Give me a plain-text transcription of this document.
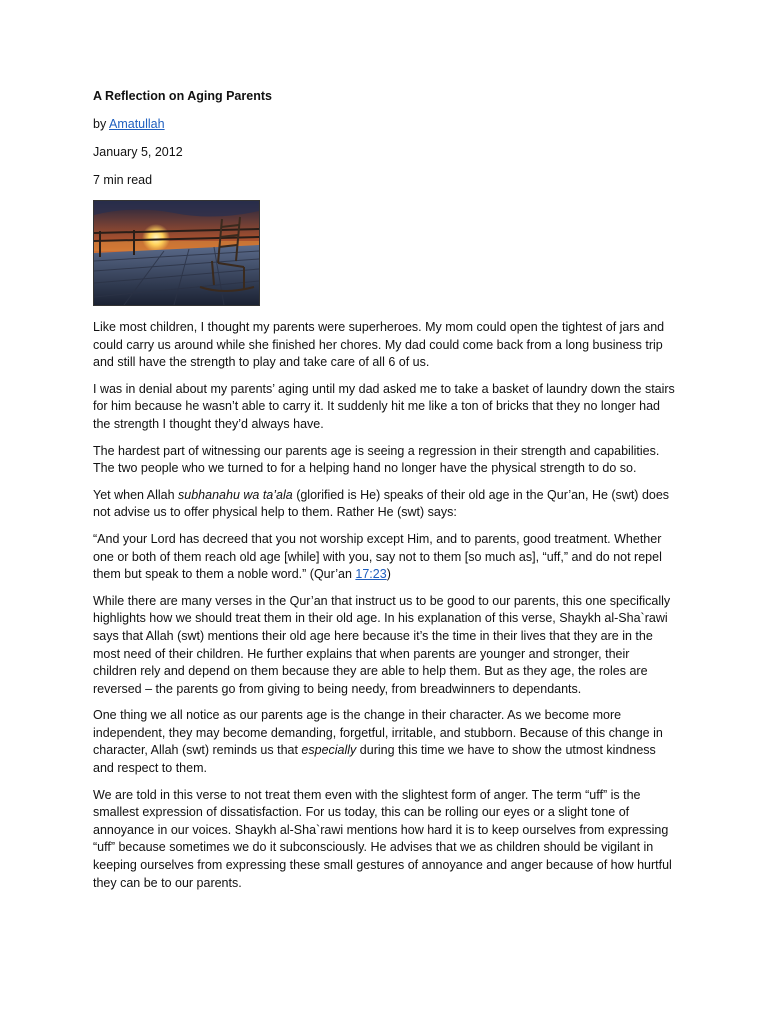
A Reflection on Aging Parents
by Amatullah
January 5, 2012
7 min read

Like most children, I thought my parents were superheroes. My mom could open the tightest of jars and could carry us around while she finished her chores. My dad could come back from a long business trip and still have the strength to play and take care of all 6 of us.

I was in denial about my parents’ aging until my dad asked me to take a basket of laundry down the stairs for him because he wasn’t able to carry it. It suddenly hit me like a ton of bricks that they no longer had the strength I thought they’d always have.

The hardest part of witnessing our parents age is seeing a regression in their strength and capabilities. The two people who we turned to for a helping hand no longer have the physical strength to do so.

Yet when Allah subhanahu wa ta’ala (glorified is He) speaks of their old age in the Qur’an, He (swt) does not advise us to offer physical help to them. Rather He (swt) says:

“And your Lord has decreed that you not worship except Him, and to parents, good treatment. Whether one or both of them reach old age [while] with you, say not to them [so much as], “uff,” and do not repel them but speak to them a noble word.” (Qur’an 17:23)

While there are many verses in the Qur’an that instruct us to be good to our parents, this one specifically highlights how we should treat them in their old age. In his explanation of this verse, Shaykh al-Sha`rawi says that Allah (swt) mentions their old age here because it’s the time in their lives that they are in the most need of their children. He further explains that when parents are younger and stronger, their children rely and depend on them because they are able to help them. But as they age, the roles are reversed – the parents go from giving to being needy, from breadwinners to dependants.

One thing we all notice as our parents age is the change in their character. As we become more independent, they may become demanding, forgetful, irritable, and stubborn. Because of this change in character, Allah (swt) reminds us that especially during this time we have to show the utmost kindness and respect to them.

We are told in this verse to not treat them even with the slightest form of anger. The term “uff” is the smallest expression of dissatisfaction. For us today, this can be rolling our eyes or a slight tone of annoyance in our voices. Shaykh al-Sha`rawi mentions how hard it is to keep ourselves from expressing “uff” because sometimes we do it subconsciously. He advises that we as children should be vigilant in keeping ourselves from expressing these small gestures of annoyance and anger because of how hurtful they can be to our parents.
